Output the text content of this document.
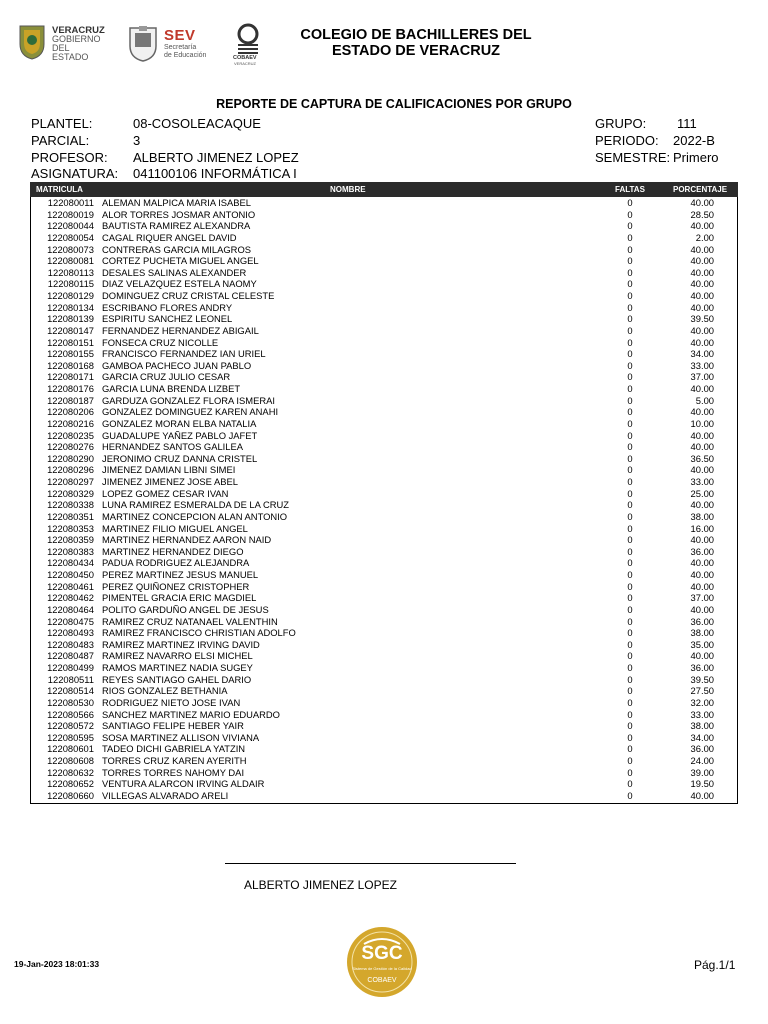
VERACRUZ
GOBIERNO
DEL ESTADO
SEV
Secretaría
de Educación	COBAEV
VERACRUZ
COLEGIO DE BACHILLERES DEL
ESTADO DE VERACRUZ
REPORTE DE CAPTURA DE CALIFICACIONES POR GRUPO
PLANTEL:	08-COSOLEACAQUE
PARCIAL:	3
PROFESOR: ALBERTO JIMENEZ LOPEZ
ASIGNATURA: 041100106 INFORMÁTICA I
GRUPO: 111
PERIODO: 2022-B
SEMESTRE: Primero
MATRICULA	NOMBRE	FALTAS	PORCENTAJE
122080011 ALEMAN MALPICA MARIA ISABEL	0	40.00
122080019 ALOR TORRES JOSMAR ANTONIO	0	28.50
122080044 BAUTISTA RAMIREZ ALEXANDRA	0	40.00
122080054 CAGAL RIQUER ANGEL DAVID	0	2.00
122080073 CONTRERAS GARCIA MILAGROS	0	40.00
122080081 CORTEZ PUCHETA MIGUEL ANGEL	0	40.00
122080113 DESALES SALINAS ALEXANDER	0	40.00
122080115 DIAZ VELAZQUEZ ESTELA NAOMY	0	40.00
122080129 DOMINGUEZ CRUZ CRISTAL CELESTE	0	40.00
122080134 ESCRIBANO FLORES ANDRY	0	40.00
122080139 ESPIRITU SANCHEZ LEONEL	0	39.50
122080147 FERNANDEZ HERNANDEZ ABIGAIL	0	40.00
122080151 FONSECA CRUZ NICOLLE	0	40.00
122080155 FRANCISCO FERNANDEZ IAN URIEL	0	34.00
122080168 GAMBOA PACHECO JUAN PABLO	0	33.00
122080171 GARCIA CRUZ JULIO CESAR	0	37.00
122080176 GARCIA LUNA BRENDA LIZBET	0	40.00
122080187 GARDUZA GONZALEZ FLORA ISMERAI	0	5.00
122080206 GONZALEZ DOMINGUEZ KAREN ANAHI	0	40.00
122080216 GONZALEZ MORAN ELBA NATALIA	0	10.00
122080235 GUADALUPE YAÑEZ PABLO JAFET	0	40.00
122080276 HERNANDEZ SANTOS GALILEA	0	40.00
122080290 JERONIMO CRUZ DANNA CRISTEL	0	36.50
122080296 JIMENEZ DAMIAN LIBNI SIMEI	0	40.00
122080297 JIMENEZ JIMENEZ JOSE ABEL	0	33.00
122080329 LOPEZ GOMEZ CESAR IVAN	0	25.00
122080338 LUNA RAMIREZ ESMERALDA DE LA CRUZ	0	40.00
122080351 MARTINEZ CONCEPCION ALAN ANTONIO	0	38.00
122080353 MARTINEZ FILIO MIGUEL ANGEL	0	16.00
122080359 MARTINEZ HERNANDEZ AARON NAID	0	40.00
122080383 MARTINEZ HERNANDEZ DIEGO	0	36.00
122080434 PADUA RODRIGUEZ ALEJANDRA	0	40.00
122080450 PEREZ MARTINEZ JESUS MANUEL	0	40.00
122080461 PEREZ QUIÑONEZ CRISTOPHER	0	40.00
122080462 PIMENTEL GRACIA ERIC MAGDIEL	0	37.00
122080464 POLITO GARDUÑO ANGEL DE JESUS	0	40.00
122080475 RAMIREZ CRUZ NATANAEL VALENTHIN	0	36.00
122080493 RAMIREZ FRANCISCO CHRISTIAN ADOLFO	0	38.00
122080483 RAMIREZ MARTINEZ IRVING DAVID	0	35.00
122080487 RAMIREZ NAVARRO ELSI MICHEL	0	40.00
122080499 RAMOS MARTINEZ NADIA SUGEY	0	36.00
122080511 REYES SANTIAGO GAHEL DARIO	0	39.50
122080514 RIOS GONZALEZ BETHANIA	0	27.50
122080530 RODRIGUEZ NIETO JOSE IVAN	0	32.00
122080566 SANCHEZ MARTINEZ MARIO EDUARDO	0	33.00
122080572 SANTIAGO FELIPE HEBER YAIR	0	38.00
122080595 SOSA MARTINEZ ALLISON VIVIANA	0	34.00
122080601 TADEO DICHI GABRIELA YATZIN	0	36.00
122080608 TORRES CRUZ KAREN AYERITH	0	24.00
122080632 TORRES TORRES NAHOMY DAI	0	39.00
122080652 VENTURA ALARCON IRVING ALDAIR	0	19.50
122080660 VILLEGAS ALVARADO ARELI	0	40.00
ALBERTO JIMENEZ LOPEZ
19-Jan-2023 18:01:33	Pág.1/1
SGC
Sistema de Gestión de la Calidad
COBAEV
